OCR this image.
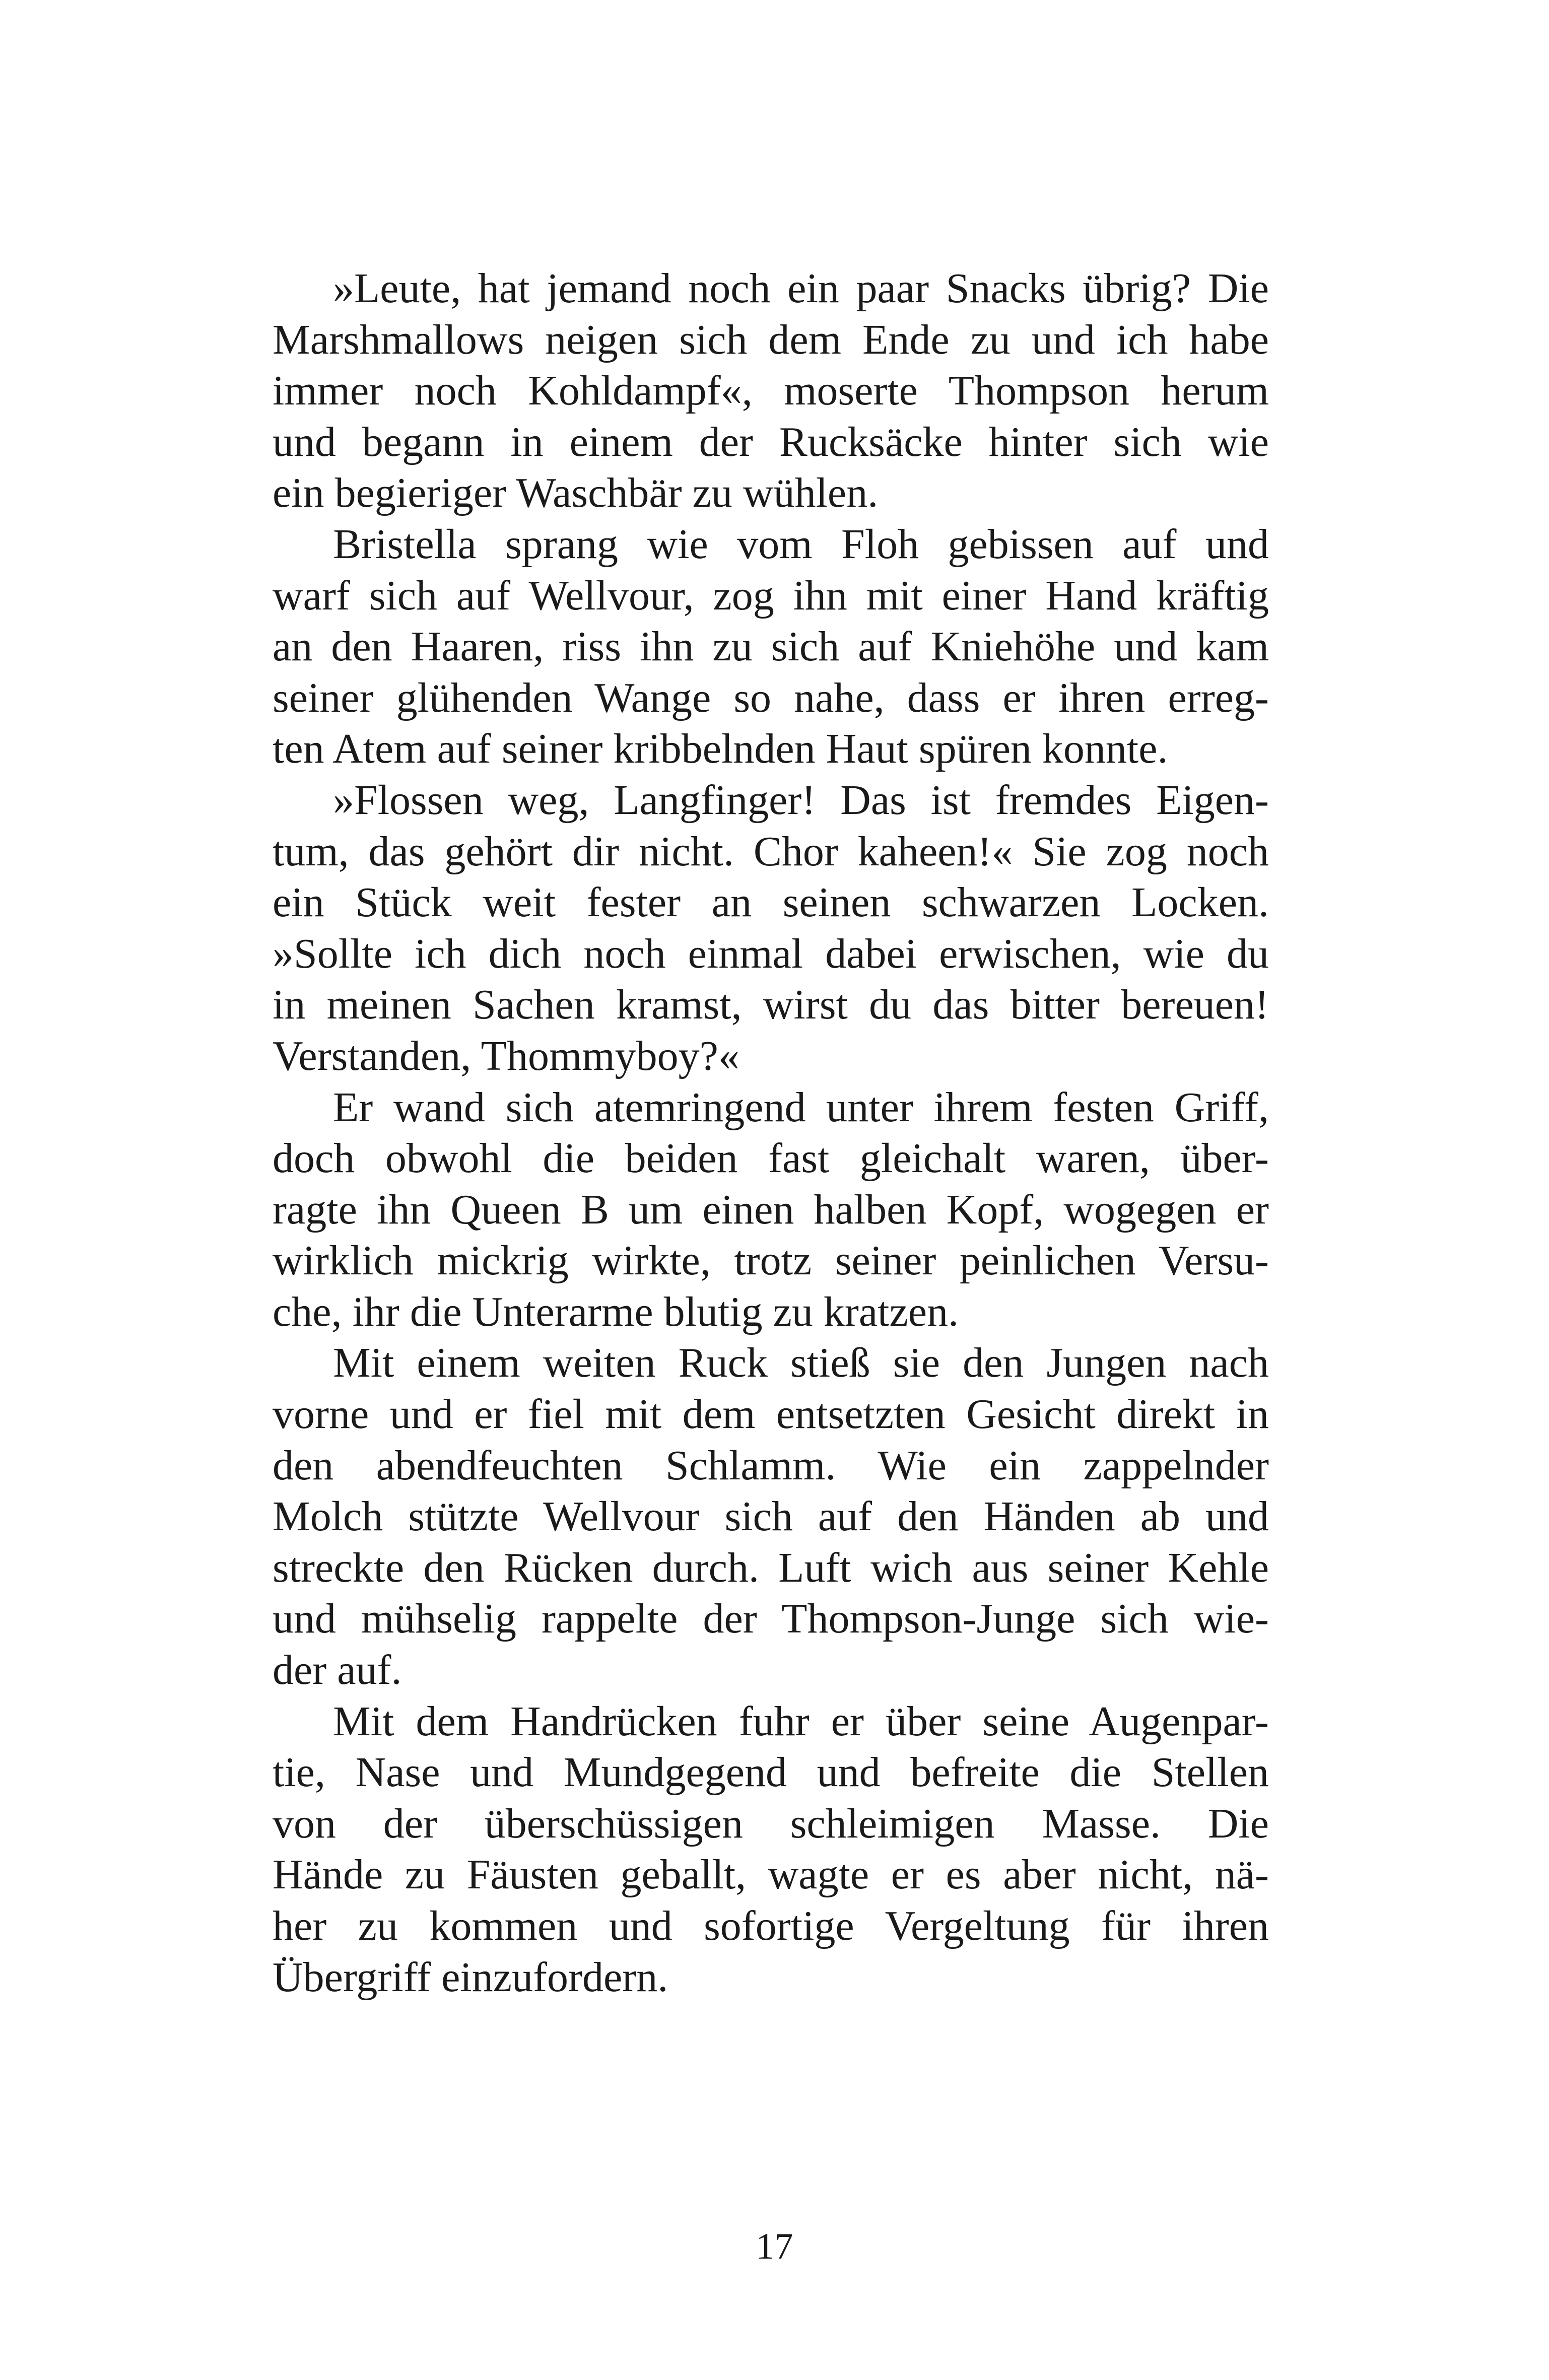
»Leute, hat jemand noch ein paar Snacks übrig? Die
Marshmallows neigen sich dem Ende zu und ich habe
immer noch Kohldampf«, moserte Thompson herum
und begann in einem der Rucksäcke hinter sich wie
ein begieriger Waschbär zu wühlen.
Bristella sprang wie vom Floh gebissen auf und
warf sich auf Wellvour, zog ihn mit einer Hand kräftig
an den Haaren, riss ihn zu sich auf Kniehöhe und kam
seiner glühenden Wange so nahe, dass er ihren erreg-
ten Atem auf seiner kribbelnden Haut spüren konnte.
»Flossen weg, Langfinger! Das ist fremdes Eigen-
tum, das gehört dir nicht. Chor kaheen!« Sie zog noch
ein Stück weit fester an seinen schwarzen Locken.
»Sollte ich dich noch einmal dabei erwischen, wie du
in meinen Sachen kramst, wirst du das bitter bereuen!
Verstanden, Thommyboy?«
Er wand sich atemringend unter ihrem festen Griff,
doch obwohl die beiden fast gleichalt waren, über-
ragte ihn Queen B um einen halben Kopf, wogegen er
wirklich mickrig wirkte, trotz seiner peinlichen Versu-
che, ihr die Unterarme blutig zu kratzen.
Mit einem weiten Ruck stieß sie den Jungen nach
vorne und er fiel mit dem entsetzten Gesicht direkt in
den abendfeuchten Schlamm. Wie ein zappelnder
Molch stützte Wellvour sich auf den Händen ab und
streckte den Rücken durch. Luft wich aus seiner Kehle
und mühselig rappelte der Thompson-Junge sich wie-
der auf.
Mit dem Handrücken fuhr er über seine Augenpar-
tie, Nase und Mundgegend und befreite die Stellen
von der überschüssigen schleimigen Masse. Die
Hände zu Fäusten geballt, wagte er es aber nicht, nä-
her zu kommen und sofortige Vergeltung für ihren
Übergriff einzufordern.
17
